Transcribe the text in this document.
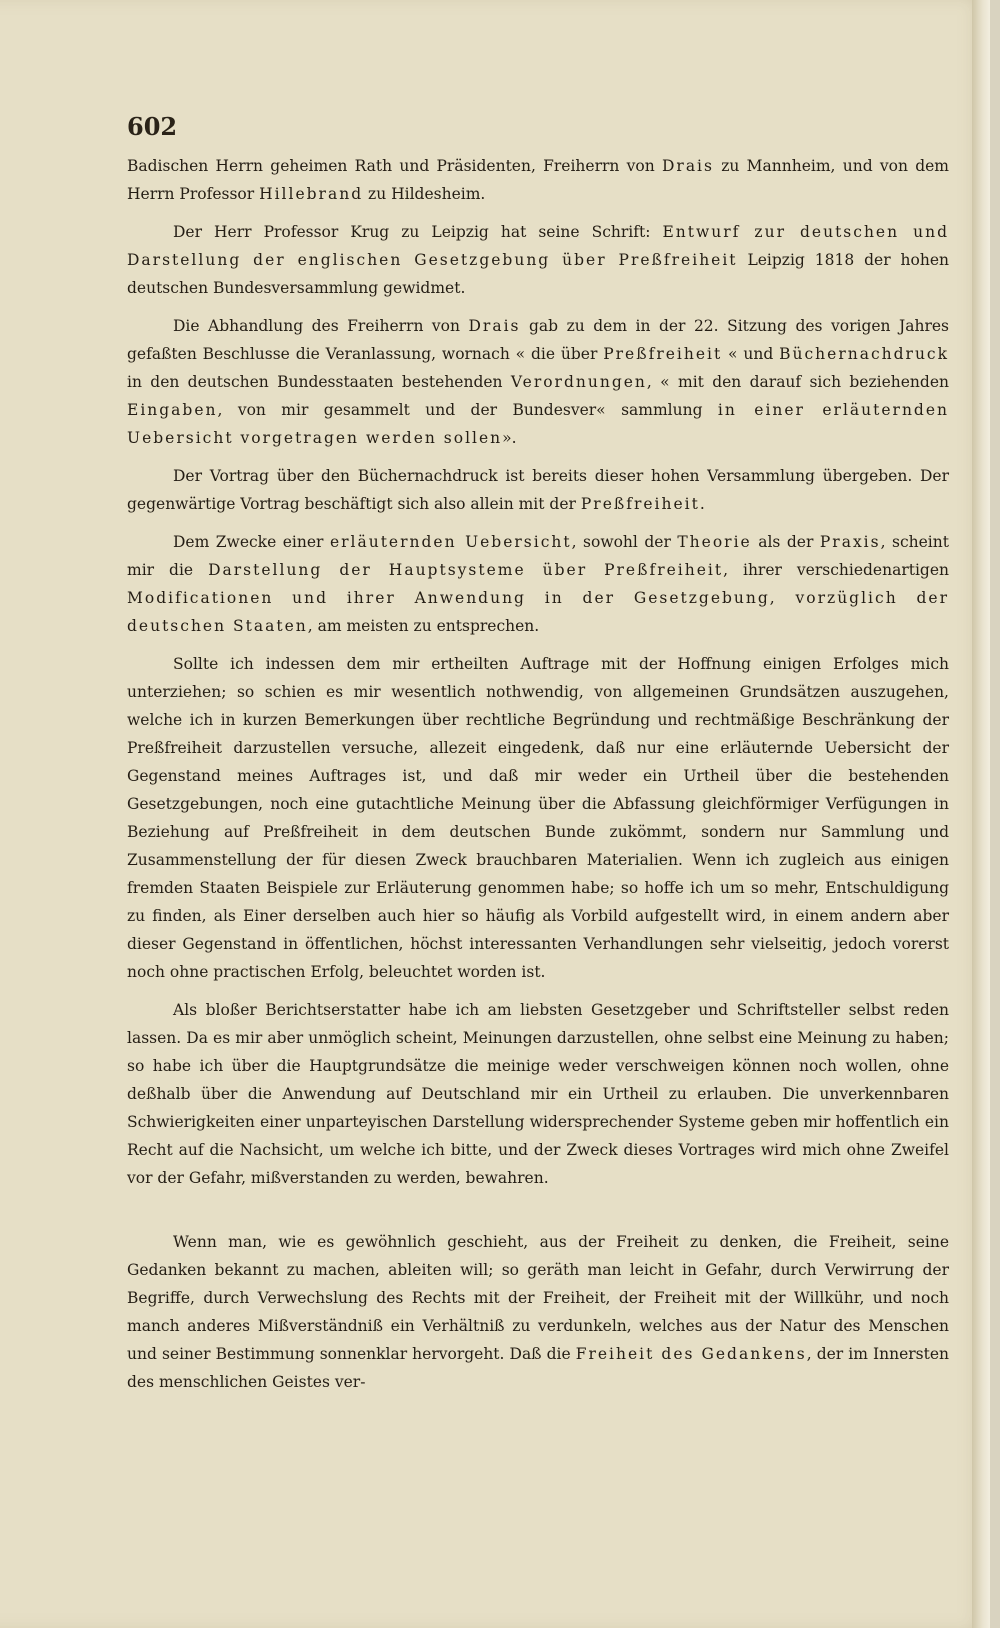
602

Badischen Herrn geheimen Rath und Präsidenten, Freiherrn von Drais zu Mannheim, und von dem Herrn Professor Hillebrand zu Hildesheim.

Der Herr Professor Krug zu Leipzig hat seine Schrift: Entwurf zur deutschen und Darstellung der englischen Gesetzgebung über Preßfreiheit Leipzig 1818 der hohen deutschen Bundesversammlung gewidmet.

Die Abhandlung des Freiherrn von Drais gab zu dem in der 22. Sitzung des vorigen Jahres gefaßten Beschlusse die Veranlassung, wornach « die über Preßfreiheit « und Büchernachdruck in den deutschen Bundesstaaten bestehenden Verordnungen, « mit den darauf sich beziehenden Eingaben, von mir gesammelt und der Bundesver« sammlung in einer erläuternden Uebersicht vorgetragen werden sollen».

Der Vortrag über den Büchernachdruck ist bereits dieser hohen Versammlung übergeben. Der gegenwärtige Vortrag beschäftigt sich also allein mit der Preßfreiheit.

Dem Zwecke einer erläuternden Uebersicht, sowohl der Theorie als der Praxis, scheint mir die Darstellung der Hauptsysteme über Preßfreiheit, ihrer verschiedenartigen Modificationen und ihrer Anwendung in der Gesetzgebung, vorzüglich der deutschen Staaten, am meisten zu entsprechen.

Sollte ich indessen dem mir ertheilten Auftrage mit der Hoffnung einigen Erfolges mich unterziehen; so schien es mir wesentlich nothwendig, von allgemeinen Grundsätzen auszugehen, welche ich in kurzen Bemerkungen über rechtliche Begründung und rechtmäßige Beschränkung der Preßfreiheit darzustellen versuche, allezeit eingedenk, daß nur eine erläuternde Uebersicht der Gegenstand meines Auftrages ist, und daß mir weder ein Urtheil über die bestehenden Gesetzgebungen, noch eine gutachtliche Meinung über die Abfassung gleichförmiger Verfügungen in Beziehung auf Preßfreiheit in dem deutschen Bunde zukömmt, sondern nur Sammlung und Zusammenstellung der für diesen Zweck brauchbaren Materialien. Wenn ich zugleich aus einigen fremden Staaten Beispiele zur Erläuterung genommen habe; so hoffe ich um so mehr, Entschuldigung zu finden, als Einer derselben auch hier so häufig als Vorbild aufgestellt wird, in einem andern aber dieser Gegenstand in öffentlichen, höchst interessanten Verhandlungen sehr vielseitig, jedoch vorerst noch ohne practischen Erfolg, beleuchtet worden ist.

Als bloßer Berichtserstatter habe ich am liebsten Gesetzgeber und Schriftsteller selbst reden lassen. Da es mir aber unmöglich scheint, Meinungen darzustellen, ohne selbst eine Meinung zu haben; so habe ich über die Hauptgrundsätze die meinige weder verschweigen können noch wollen, ohne deßhalb über die Anwendung auf Deutschland mir ein Urtheil zu erlauben. Die unverkennbaren Schwierigkeiten einer unparteyischen Darstellung widersprechender Systeme geben mir hoffentlich ein Recht auf die Nachsicht, um welche ich bitte, und der Zweck dieses Vortrages wird mich ohne Zweifel vor der Gefahr, mißverstanden zu werden, bewahren.

Wenn man, wie es gewöhnlich geschieht, aus der Freiheit zu denken, die Freiheit, seine Gedanken bekannt zu machen, ableiten will; so geräth man leicht in Gefahr, durch Verwirrung der Begriffe, durch Verwechslung des Rechts mit der Freiheit, der Freiheit mit der Willkühr, und noch manch anderes Mißverständniß ein Verhältniß zu verdunkeln, welches aus der Natur des Menschen und seiner Bestimmung sonnenklar hervorgeht. Daß die Freiheit des Gedankens, der im Innersten des menschlichen Geistes ver-
